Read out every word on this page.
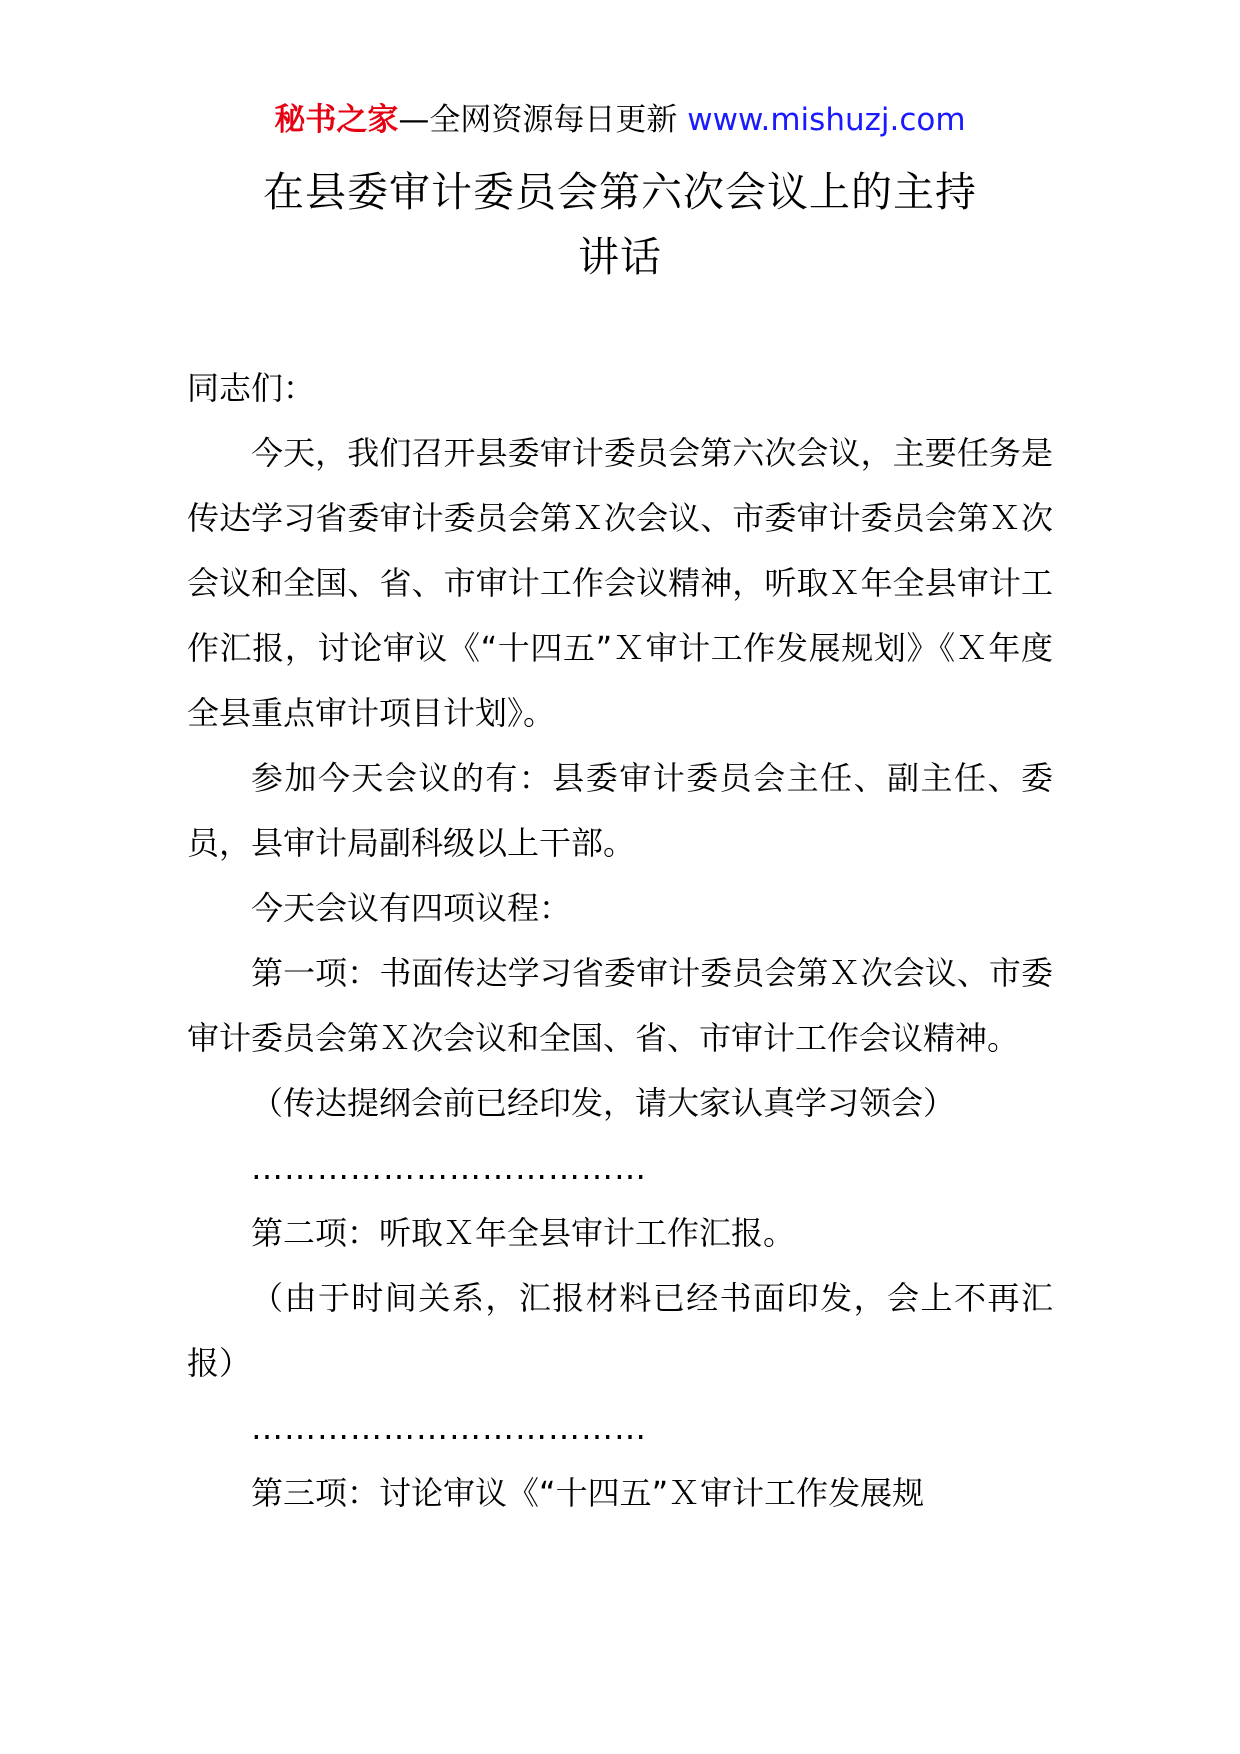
秘书之家—全网资源每日更新 www.mishuzj.com
在县委审计委员会第六次会议上的主持
讲话

同志们：

今天，我们召开县委审计委员会第六次会议，主要任务是传达学习省委审计委员会第Ｘ次会议、市委审计委员会第Ｘ次会议和全国、省、市审计工作会议精神，听取Ｘ年全县审计工作汇报，讨论审议《“十四五”Ｘ审计工作发展规划》《Ｘ年度全县重点审计项目计划》。

参加今天会议的有：县委审计委员会主任、副主任、委员，县审计局副科级以上干部。

今天会议有四项议程：

第一项：书面传达学习省委审计委员会第Ｘ次会议、市委审计委员会第Ｘ次会议和全国、省、市审计工作会议精神。

（传达提纲会前已经印发，请大家认真学习领会）

………………………………

第二项：听取Ｘ年全县审计工作汇报。

（由于时间关系，汇报材料已经书面印发，会上不再汇报）

………………………………

第三项：讨论审议《“十四五”Ｘ审计工作发展规
